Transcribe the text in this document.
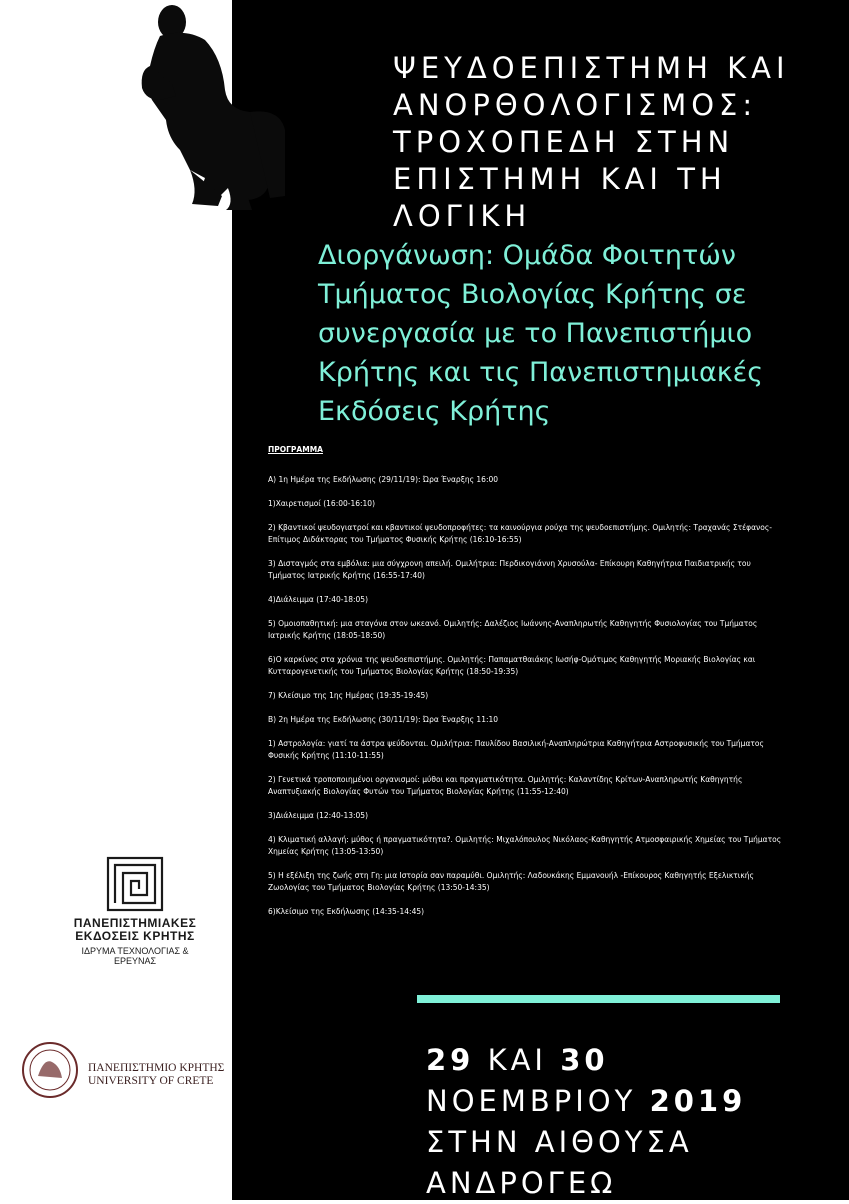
ΨΕΥΔΟΕΠΙΣΤΗΜΗ ΚΑΙ
ΑΝΟΡΘΟΛΟΓΙΣΜΟΣ:
ΤΡΟΧΟΠΕΔΗ ΣΤΗΝ
ΕΠΙΣΤΗΜΗ ΚΑΙ ΤΗ
ΛΟΓΙΚΗ
Διοργάνωση: Ομάδα Φοιτητών
Τμήματος Βιολογίας Κρήτης σε
συνεργασία με το Πανεπιστήμιο
Κρήτης και τις Πανεπιστημιακές
Εκδόσεις Κρήτης
ΠΡΟΓΡΑΜΜΑ
Α) 1η Ημέρα της Εκδήλωσης (29/11/19): Ώρα Έναρξης 16:00
1)Χαιρετισμοί (16:00-16:10)
2) Κβαντικοί ψευδογιατροί και κβαντικοί ψευδοπροφήτες: τα καινούργια ρούχα της ψευδοεπιστήμης. Ομιλητής: Τραχανάς Στέφανος-Επίτιμος Διδάκτορας του Τμήματος Φυσικής Κρήτης (16:10-16:55)
3) Δισταγμός στα εμβόλια: μια σύγχρονη απειλή. Ομιλήτρια: Περδικογιάννη Χρυσούλα- Επίκουρη Καθηγήτρια Παιδιατρικής του Τμήματος Ιατρικής Κρήτης (16:55-17:40)
4)Διάλειμμα (17:40-18:05)
5) Ομοιοπαθητική: μια σταγόνα στον ωκεανό. Ομιλητής: Δαλέζιος Ιωάννης-Αναπληρωτής Καθηγητής Φυσιολογίας του Τμήματος Ιατρικής Κρήτης (18:05-18:50)
6)Ο καρκίνος στα χρόνια της ψευδοεπιστήμης. Ομιλητής: Παπαματθαιάκης Ιωσήφ-Ομότιμος Καθηγητής Μοριακής Βιολογίας και Κυτταρογενετικής του Τμήματος Βιολογίας Κρήτης (18:50-19:35)
7) Κλείσιμο της 1ης Ημέρας (19:35-19:45)
Β) 2η Ημέρα της Εκδήλωσης (30/11/19): Ώρα Έναρξης 11:10
1) Αστρολογία: γιατί τα άστρα ψεύδονται. Ομιλήτρια: Παυλίδου Βασιλική-Αναπληρώτρια Καθηγήτρια Αστροφυσικής του Τμήματος Φυσικής Κρήτης (11:10-11:55)
2) Γενετικά τροποποιημένοι οργανισμοί: μύθοι και πραγματικότητα. Ομιλητής: Καλαντίδης Κρίτων-Αναπληρωτής Καθηγητής Αναπτυξιακής Βιολογίας Φυτών του Τμήματος Βιολογίας Κρήτης (11:55-12:40)
3)Διάλειμμα (12:40-13:05)
4) Κλιματική αλλαγή: μύθος ή πραγματικότητα?. Ομιλητής: Μιχαλόπουλος Νικόλαος-Καθηγητής Ατμοσφαιρικής Χημείας του Τμήματος Χημείας Κρήτης (13:05-13:50)
5) Η εξέλιξη της ζωής στη Γη: μια Ιστορία σαν παραμύθι. Ομιλητής: Λαδουκάκης Εμμανουήλ -Επίκουρος Καθηγητής Εξελικτικής Ζωολογίας του Τμήματος Βιολογίας Κρήτης (13:50-14:35)
6)Κλείσιμο της Εκδήλωσης (14:35-14:45)
29 ΚΑΙ 30
ΝΟΕΜΒΡΙΟΥ 2019
ΣΤΗΝ ΑΙΘΟΥΣΑ
ΑΝΔΡΟΓΕΩ
ΠΑΝΕΠΙΣΤΗΜΙΑΚΕΣ
ΕΚΔΟΣΕΙΣ ΚΡΗΤΗΣ
ΙΔΡΥΜΑ ΤΕΧΝΟΛΟΓΙΑΣ & ΕΡΕΥΝΑΣ
ΠΑΝΕΠΙΣΤΗΜΙΟ ΚΡΗΤΗΣ
UNIVERSITY OF CRETE
